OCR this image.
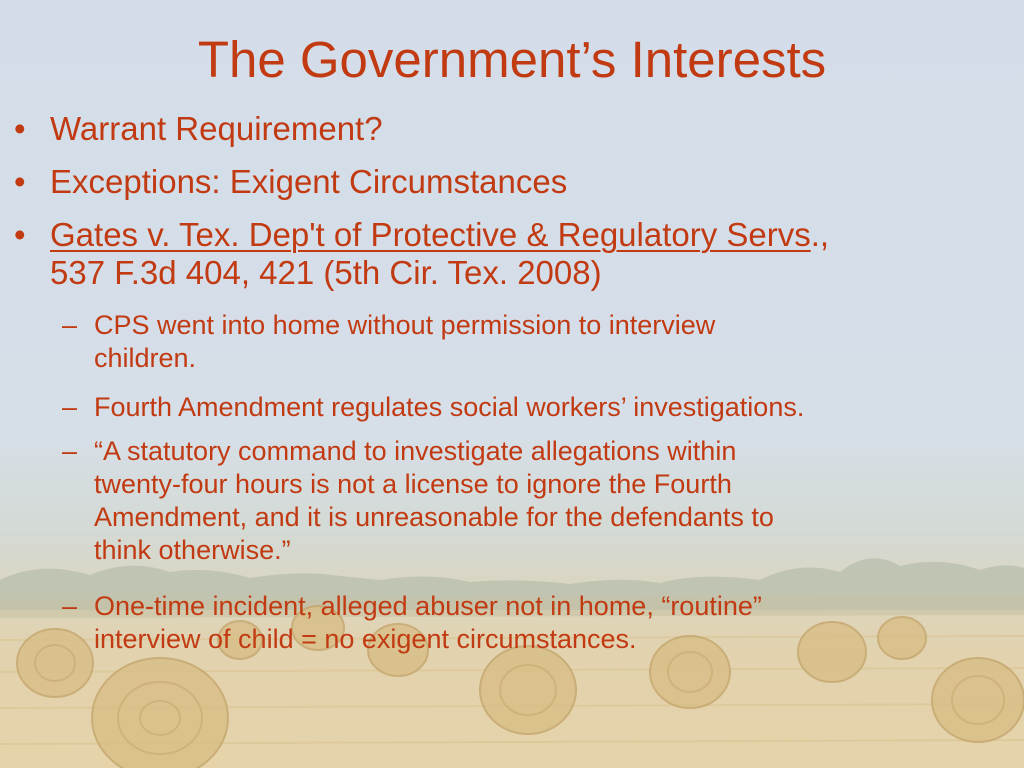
The Government’s Interests
• Warrant Requirement?
• Exceptions: Exigent Circumstances
• Gates v. Tex. Dep't of Protective & Regulatory Servs.,
537 F.3d 404, 421 (5th Cir. Tex. 2008)
– CPS went into home without permission to interview
children.
– Fourth Amendment regulates social workers’ investigations.
– “A statutory command to investigate allegations within
twenty-four hours is not a license to ignore the Fourth
Amendment, and it is unreasonable for the defendants to
think otherwise.”
– One-time incident, alleged abuser not in home, “routine”
interview of child = no exigent circumstances.
